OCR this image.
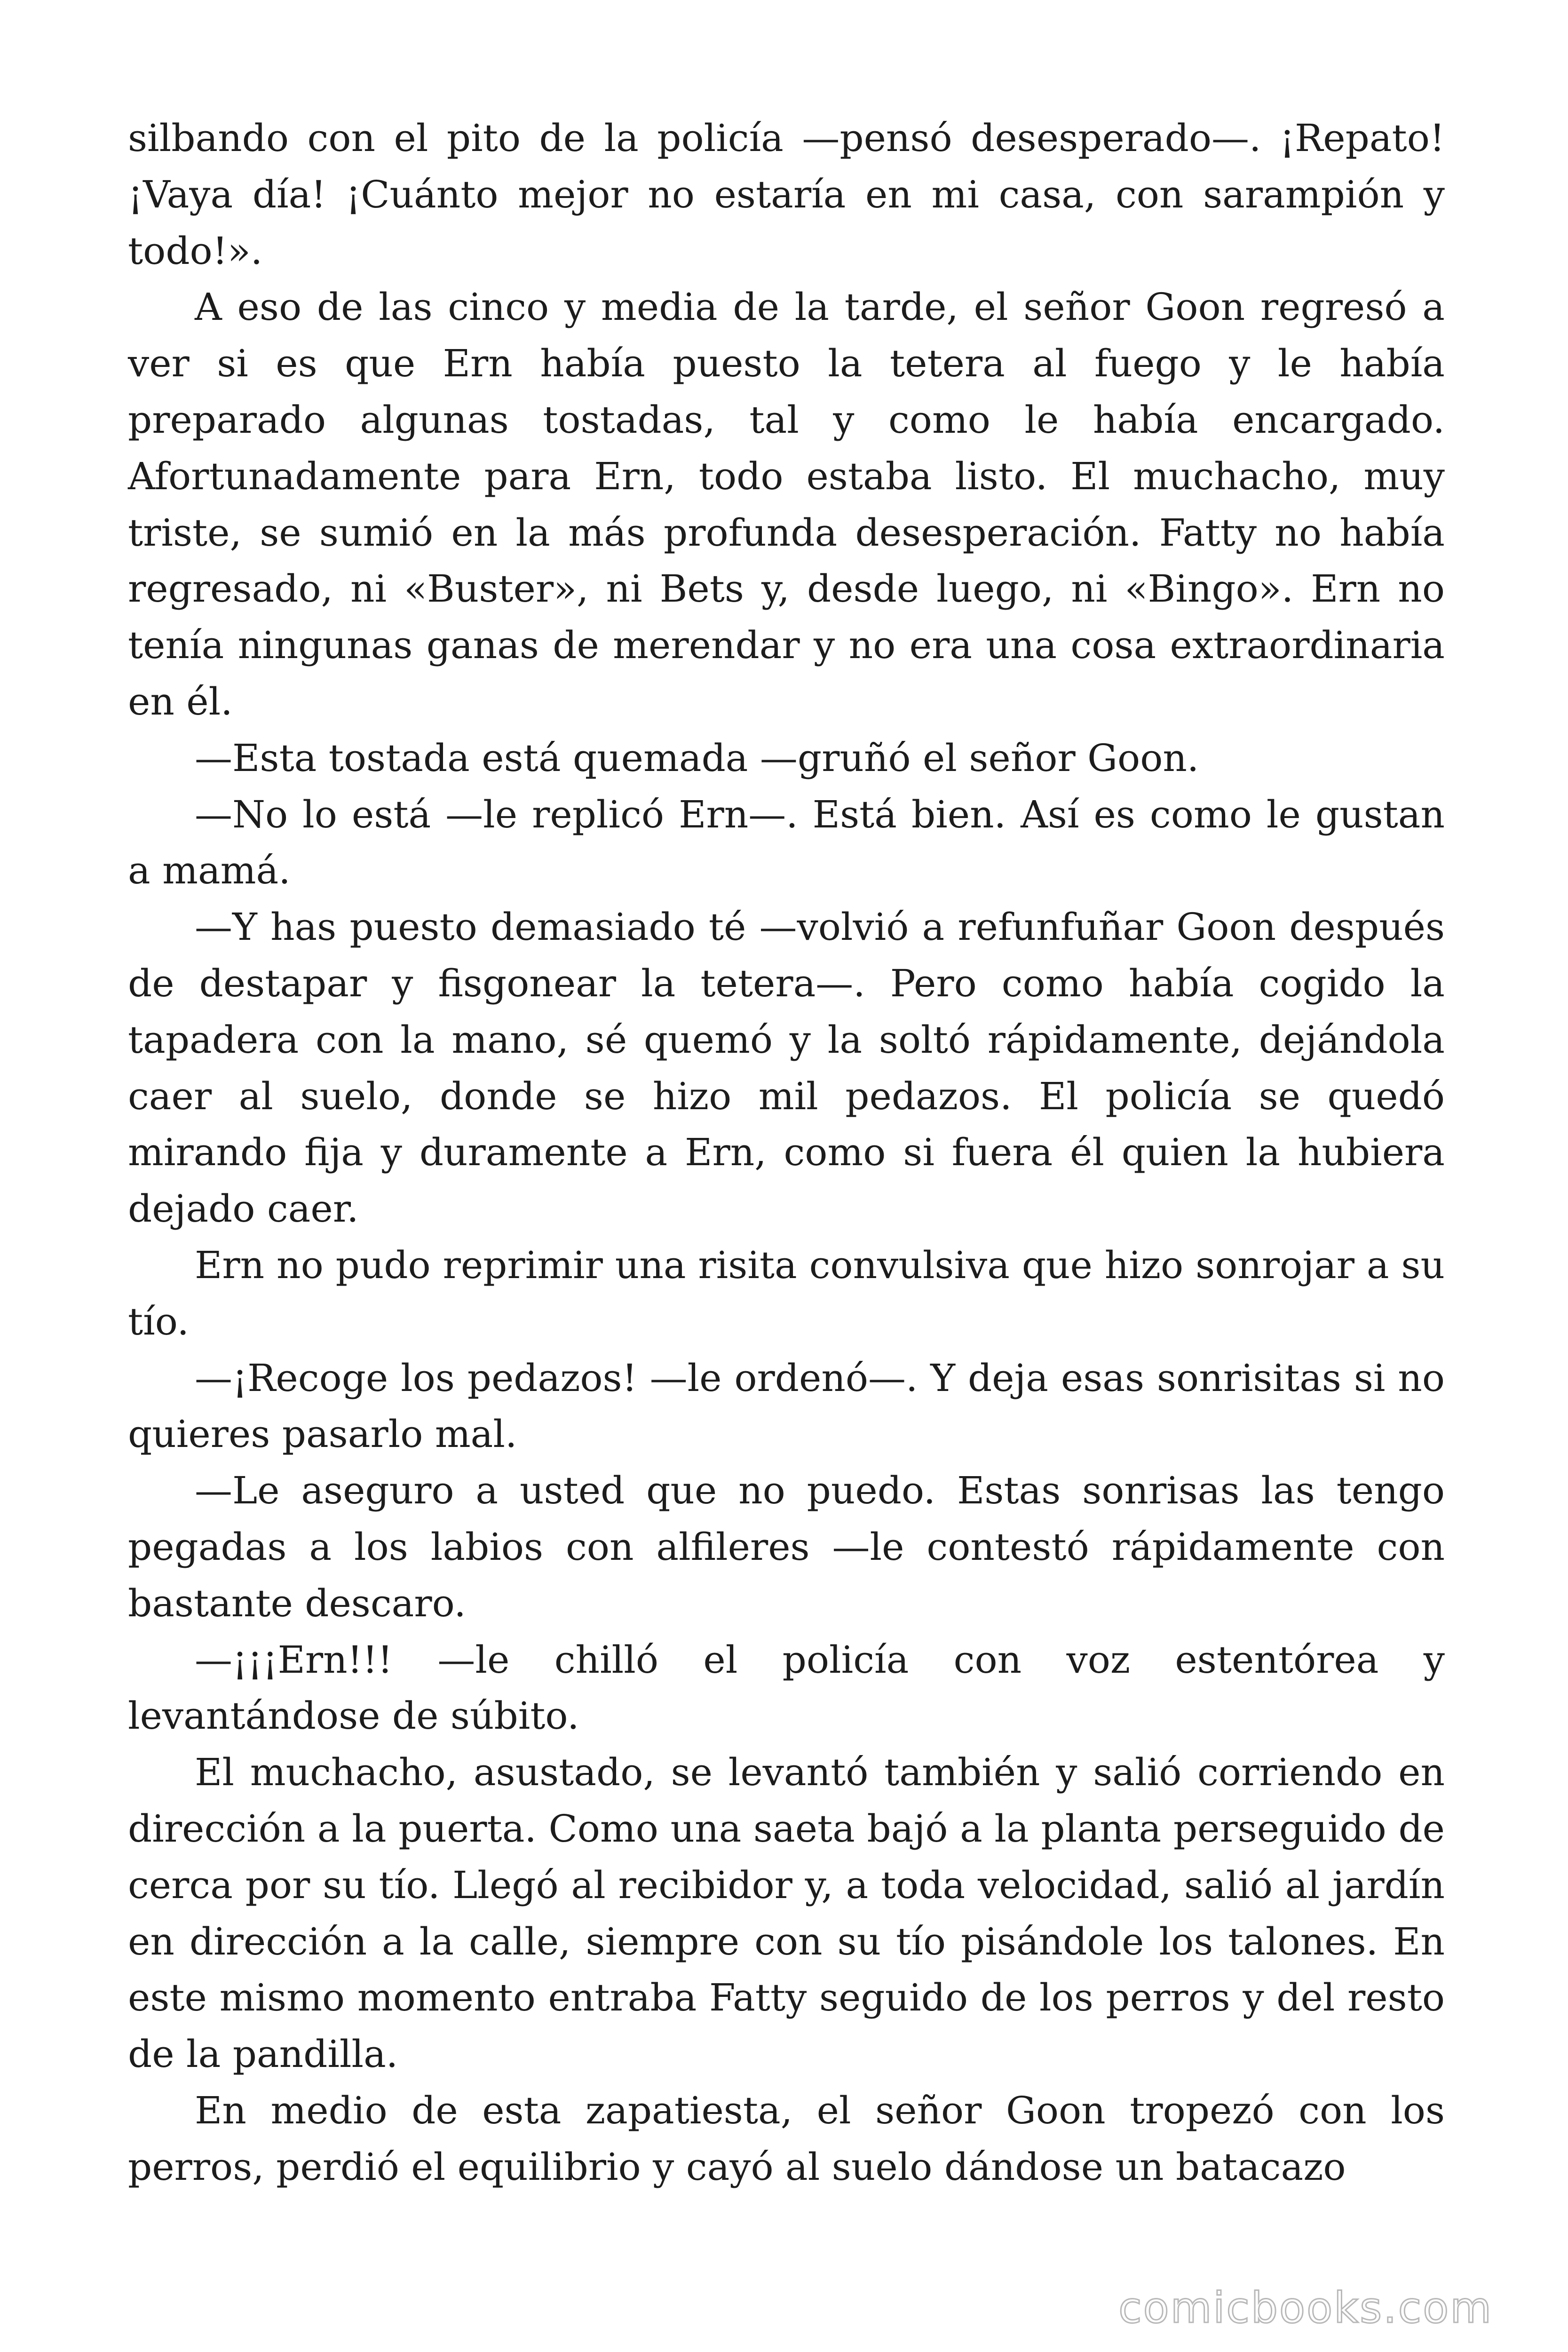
silbando con el pito de la policía —pensó desesperado—. ¡Repato! ¡Vaya día! ¡Cuánto mejor no estaría en mi casa, con sarampión y todo!».

A eso de las cinco y media de la tarde, el señor Goon regresó a ver si es que Ern había puesto la tetera al fuego y le había preparado algunas tostadas, tal y como le había encargado. Afortunadamente para Ern, todo estaba listo. El muchacho, muy triste, se sumió en la más profunda desesperación. Fatty no había regresado, ni «Buster», ni Bets y, desde luego, ni «Bingo». Ern no tenía ningunas ganas de merendar y no era una cosa extraordinaria en él.

—Esta tostada está quemada —gruñó el señor Goon.

—No lo está —le replicó Ern—. Está bien. Así es como le gustan a mamá.

—Y has puesto demasiado té —volvió a refunfuñar Goon después de destapar y fisgonear la tetera—. Pero como había cogido la tapadera con la mano, sé quemó y la soltó rápidamente, dejándola caer al suelo, donde se hizo mil pedazos. El policía se quedó mirando fija y duramente a Ern, como si fuera él quien la hubiera dejado caer.

Ern no pudo reprimir una risita convulsiva que hizo sonrojar a su tío.

—¡Recoge los pedazos! —le ordenó—. Y deja esas sonrisitas si no quieres pasarlo mal.

—Le aseguro a usted que no puedo. Estas sonrisas las tengo pegadas a los labios con alfileres —le contestó rápidamente con bastante descaro.

—¡¡¡Ern!!! —le chilló el policía con voz estentórea y levantándose de súbito.

El muchacho, asustado, se levantó también y salió corriendo en dirección a la puerta. Como una saeta bajó a la planta perseguido de cerca por su tío. Llegó al recibidor y, a toda velocidad, salió al jardín en dirección a la calle, siempre con su tío pisándole los talones. En este mismo momento entraba Fatty seguido de los perros y del resto de la pandilla.

En medio de esta zapatiesta, el señor Goon tropezó con los perros, perdió el equilibrio y cayó al suelo dándose un batacazo

comicbooks.com
